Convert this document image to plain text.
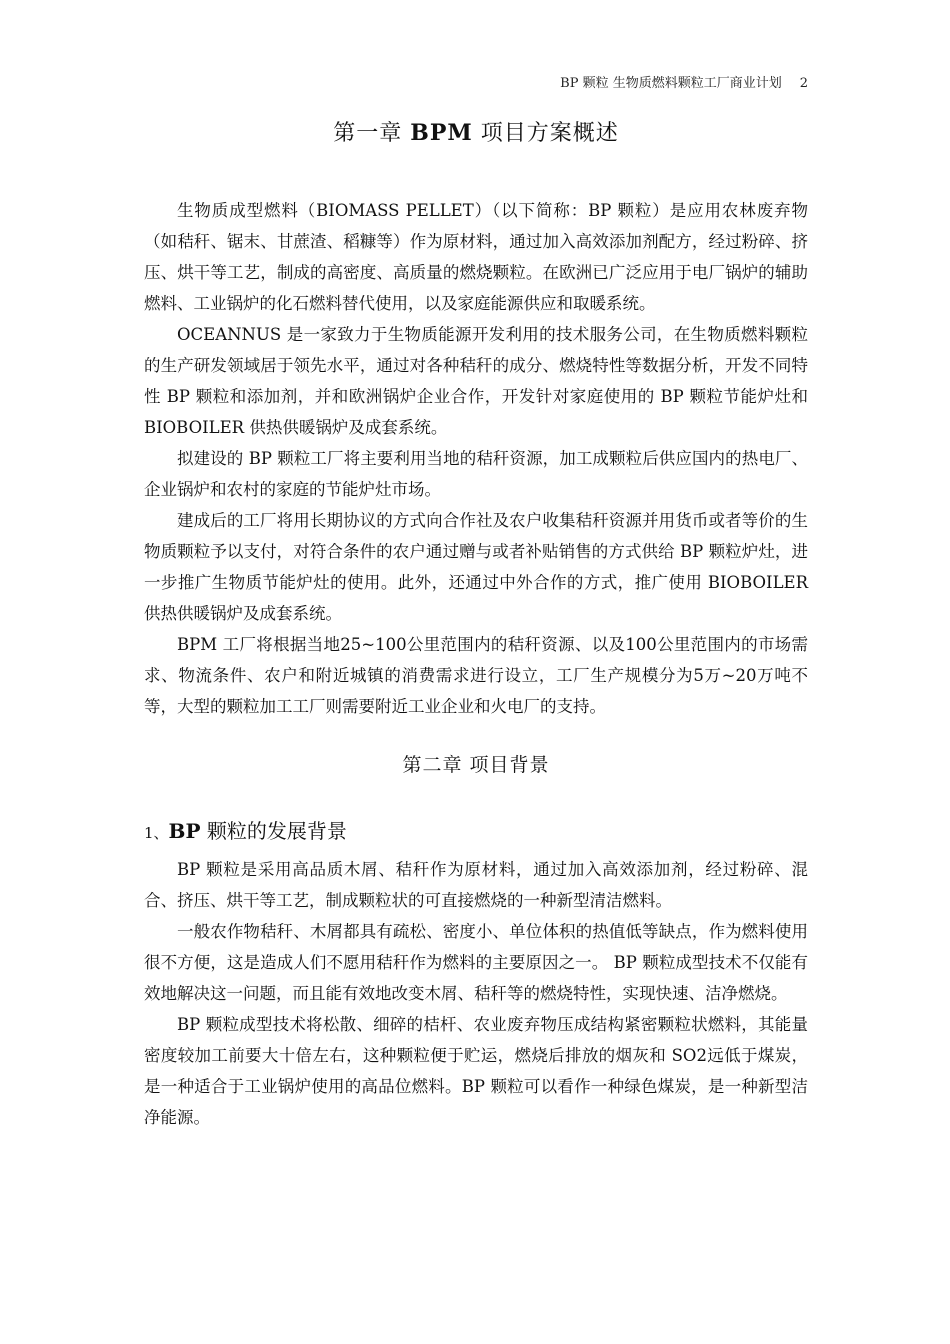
BP 颗粒 生物质燃料颗粒工厂商业计划 2
第一章 BPM 项目方案概述

生物质成型燃料（BIOMASS PELLET）（以下简称：BP 颗粒）是应用农林废弃物（如秸秆、锯末、甘蔗渣、稻糠等）作为原材料，通过加入高效添加剂配方，经过粉碎、挤压、烘干等工艺，制成的高密度、高质量的燃烧颗粒。在欧洲已广泛应用于电厂锅炉的辅助燃料、工业锅炉的化石燃料替代使用，以及家庭能源供应和取暖系统。

OCEANNUS 是一家致力于生物质能源开发利用的技术服务公司，在生物质燃料颗粒的生产研发领域居于领先水平，通过对各种秸秆的成分、燃烧特性等数据分析，开发不同特性 BP 颗粒和添加剂，并和欧洲锅炉企业合作，开发针对家庭使用的 BP 颗粒节能炉灶和 BIOBOILER 供热供暖锅炉及成套系统。

拟建设的 BP 颗粒工厂将主要利用当地的秸秆资源，加工成颗粒后供应国内的热电厂、企业锅炉和农村的家庭的节能炉灶市场。

建成后的工厂将用长期协议的方式向合作社及农户收集秸秆资源并用货币或者等价的生物质颗粒予以支付，对符合条件的农户通过赠与或者补贴销售的方式供给 BP 颗粒炉灶，进一步推广生物质节能炉灶的使用。此外，还通过中外合作的方式，推广使用 BIOBOILER 供热供暖锅炉及成套系统。

BPM 工厂将根据当地25~100公里范围内的秸秆资源、以及100公里范围内的市场需求、物流条件、农户和附近城镇的消费需求进行设立，工厂生产规模分为5万~20万吨不等，大型的颗粒加工工厂则需要附近工业企业和火电厂的支持。

第二章 项目背景
1、BP 颗粒的发展背景

BP 颗粒是采用高品质木屑、秸秆作为原材料，通过加入高效添加剂，经过粉碎、混合、挤压、烘干等工艺，制成颗粒状的可直接燃烧的一种新型清洁燃料。

一般农作物秸秆、木屑都具有疏松、密度小、单位体积的热值低等缺点，作为燃料使用很不方便，这是造成人们不愿用秸秆作为燃料的主要原因之一。 BP 颗粒成型技术不仅能有效地解决这一问题，而且能有效地改变木屑、秸秆等的燃烧特性，实现快速、洁净燃烧。

BP 颗粒成型技术将松散、细碎的桔杆、农业废弃物压成结构紧密颗粒状燃料，其能量密度较加工前要大十倍左右，这种颗粒便于贮运，燃烧后排放的烟灰和 SO2远低于煤炭，是一种适合于工业锅炉使用的高品位燃料。BP 颗粒可以看作一种绿色煤炭，是一种新型洁净能源。
